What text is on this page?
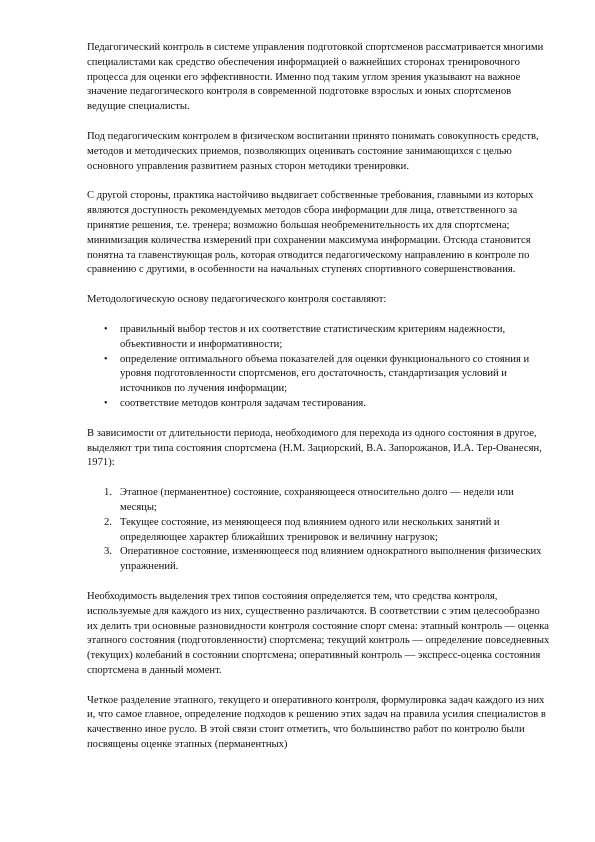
Педагогический контроль в системе управления подготовкой спортсменов рассматривается многими специалистами как средство обеспечения информацией о важнейших сторонах тренировочного процесса для оценки его эффективности. Именно под таким углом зрения указывают на важное значение педагогического контроля в современной подготовке взрослых и юных спортсменов ведущие специалисты.

Под педагогическим контролем в физическом воспитании принято понимать совокупность средств, методов и методических приемов, позволяющих оценивать состояние занимающихся с целью основного управления развитием разных сторон методики тренировки.

С другой стороны, практика настойчиво выдвигает собственные требования, главными из которых являются доступность рекомендуемых методов сбора информации для лица, ответственного за принятие решения, т.е. тренера; возможно большая необременительность их для спортсмена; минимизация количества измерений при сохранении максимума информации. Отсюда становится понятна та главенствующая роль, которая отводится педагогическому направлению в контроле по сравнению с другими, в особенности на начальных ступенях спортивного совершенствования.

Методологическую основу педагогического контроля составляют:

• правильный выбор тестов и их соответствие статистическим критериям надежности, объективности и информативности;
• определение оптимального объема показателей для оценки функционального со стояния и уровня подготовленности спортсменов, его достаточность, стандартизация условий и источников по лучения информации;
• соответствие методов контроля задачам тестирования.

В зависимости от длительности периода, необходимого для перехода из одного состояния в другое, выделяют три типа состояния спортсмена (Н.М. Зациорский, В.А. Запорожанов, И.А. Тер-Ованесян, 1971):

1. Этапное (перманентное) состояние, сохраняющееся относительно долго — недели или месяцы;
2. Текущее состояние, из меняющееся под влиянием одного или нескольких занятий и определяющее характер ближайших тренировок и величину нагрузок;
3. Оперативное состояние, изменяющееся под влиянием однократного выполнения физических упражнений.

Необходимость выделения трех типов состояния определяется тем, что средства контроля, используемые для каждого из них, существенно различаются. В соответствии с этим целесообразно их делить три основные разновидности контроля состояние спорт смена: этапный контроль — оценка этапного состояния (подготовленности) спортсмена; текущий контроль — определение повседневных (текущих) колебаний в состоянии спортсмена; оперативный контроль — экспресс-оценка состояния спортсмена в данный момент.

Четкое разделение этапного, текущего и оперативного контроля, формулировка задач каждого из них и, что самое главное, определение подходов к решению этих задач на правила усилия специалистов в качественно иное русло. В этой связи стоит отметить, что большинство работ по контролю были посвящены оценке этапных (перманентных)
